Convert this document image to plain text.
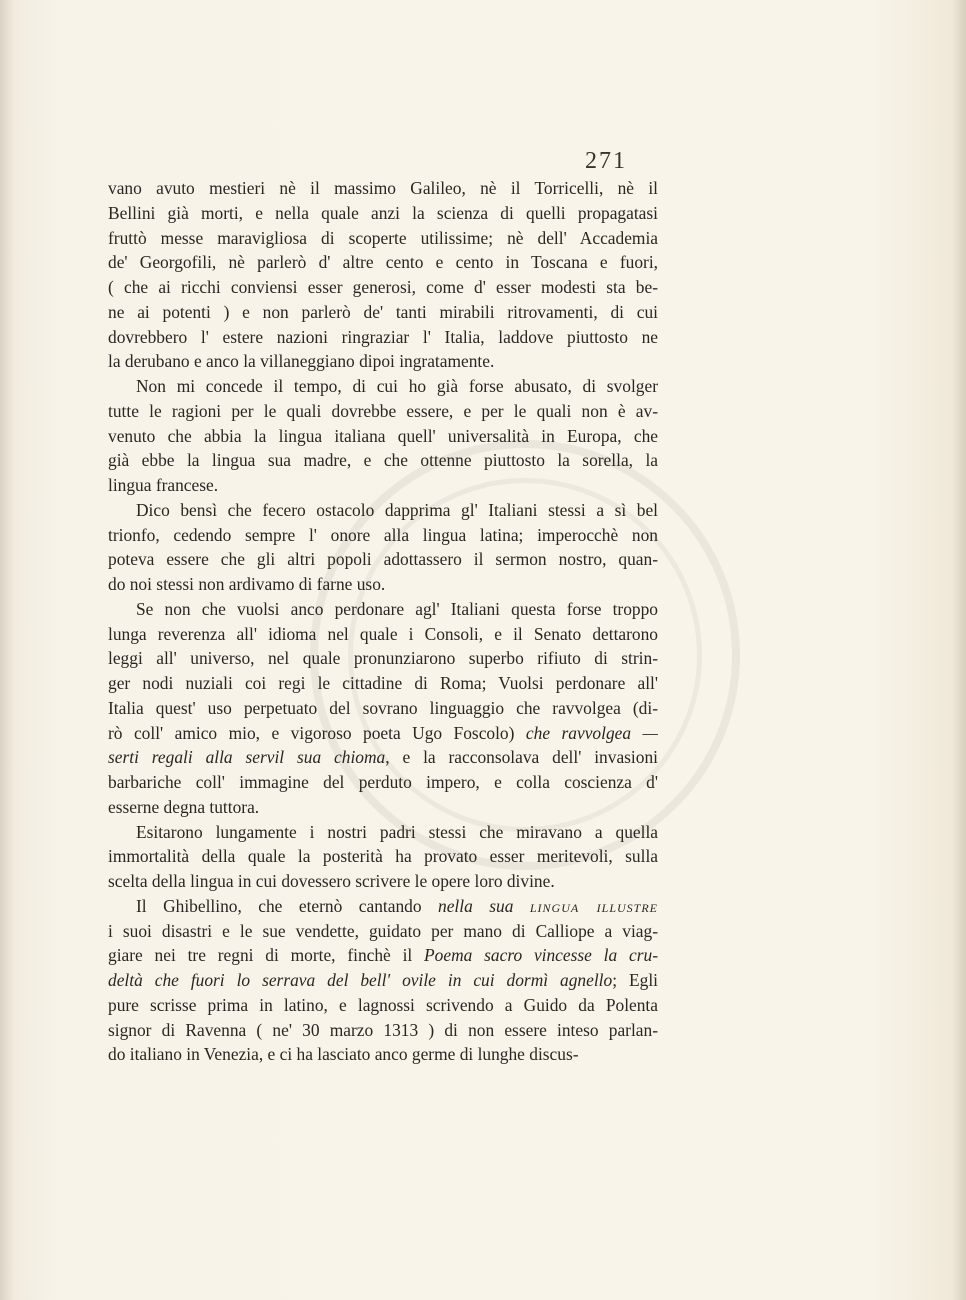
271
vano avuto mestieri nè il massimo Galileo, nè il Torricelli, nè il
Bellini già morti, e nella quale anzi la scienza di quelli propagatasi
fruttò messe maravigliosa di scoperte utilissime; nè dell' Accademia
de' Georgofili, nè parlerò d' altre cento e cento in Toscana e fuori,
( che ai ricchi conviensi esser generosi, come d' esser modesti sta be-
ne ai potenti ) e non parlerò de' tanti mirabili ritrovamenti, di cui
dovrebbero l' estere nazioni ringraziar l' Italia, laddove piuttosto ne
la derubano e anco la villaneggiano dipoi ingratamente.
Non mi concede il tempo, di cui ho già forse abusato, di svolger
tutte le ragioni per le quali dovrebbe essere, e per le quali non è av-
venuto che abbia la lingua italiana quell' universalità in Europa, che
già ebbe la lingua sua madre, e che ottenne piuttosto la sorella, la
lingua francese.
Dico bensì che fecero ostacolo dapprima gl' Italiani stessi a sì bel
trionfo, cedendo sempre l' onore alla lingua latina; imperocchè non
poteva essere che gli altri popoli adottassero il sermon nostro, quan-
do noi stessi non ardivamo di farne uso.
Se non che vuolsi anco perdonare agl' Italiani questa forse troppo
lunga reverenza all' idioma nel quale i Consoli, e il Senato dettarono
leggi all' universo, nel quale pronunziarono superbo rifiuto di strin-
ger nodi nuziali coi regi le cittadine di Roma; Vuolsi perdonare all'
Italia quest' uso perpetuato del sovrano linguaggio che ravvolgea (di-
rò coll' amico mio, e vigoroso poeta Ugo Foscolo) che ravvolgea —
serti regali alla servil sua chioma, e la racconsolava dell' invasioni
barbariche coll' immagine del perduto impero, e colla coscienza d'
esserne degna tuttora.
Esitarono lungamente i nostri padri stessi che miravano a quella
immortalità della quale la posterità ha provato esser meritevoli, sulla
scelta della lingua in cui dovessero scrivere le opere loro divine.
Il Ghibellino, che eternò cantando nella sua lingua illustre
i suoi disastri e le sue vendette, guidato per mano di Calliope a viag-
giare nei tre regni di morte, finchè il Poema sacro vincesse la cru-
deltà che fuori lo serrava del bell' ovile in cui dormì agnello; Egli
pure scrisse prima in latino, e lagnossi scrivendo a Guido da Polenta
signor di Ravenna ( ne' 30 marzo 1313 ) di non essere inteso parlan-
do italiano in Venezia, e ci ha lasciato anco germe di lunghe discus-
